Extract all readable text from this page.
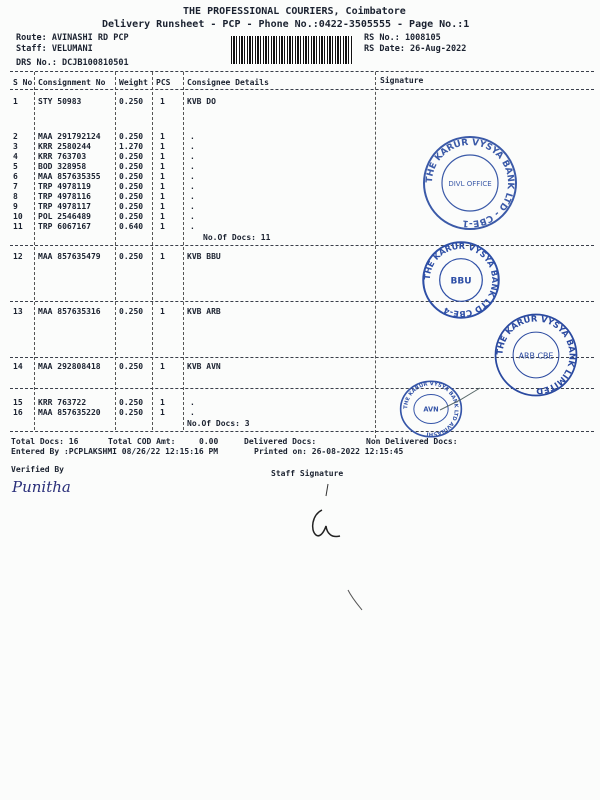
THE PROFESSIONAL COURIERS, Coimbatore
Delivery Runsheet - PCP - Phone No.:0422-3505555 - Page No.:1
Route: AVINASHI RD PCP
Staff: VELUMANI
DRS No.: DCJB100810501
RS No.: 1008105
RS Date: 26-Aug-2022
S No Consignment No Weight PCS Consignee Details	Signature
1	STY 50983	0.250 1	KVB DO
2	MAA 291792124 0.250 1	.
3	KRR 2580244	1.270 1	.
4	KRR 763703	0.250 1	.
5	BOD 328958	0.250 1	.
6	MAA 857635355 0.250 1	.
7	TRP 4978119	0.250 1	.
8	TRP 4978116	0.250 1	.
9	TRP 4978117	0.250 1	.
10 POL 2546489	0.250 1	.
11 TRP 6067167	0.640 1	.
No.Of Docs: 11
12 MAA 857635479 0.250 1	KVB BBU
13 MAA 857635316 0.250 1	KVB ARB
14 MAA 292808418 0.250 1	KVB AVN
15 KRR 763722	0.250 1	.
16 MAA 857635220 0.250 1	.
No.Of Docs: 3
Total Docs: 16	Total COD Amt:	0.00	Delivered Docs:	Non Delivered Docs:
Entered By :PCPLAKSHMI 08/26/22 12:15:16 PM	Printed on: 26-08-2022 12:15:45
Verified By
Punitha
Staff Signature
THE KARUR VYSYA BANK LTD - CBE-1
DIVL OFFICE
THE KARUR VYSYA BANK LTD CBE-4
BBU
THE KARUR VYSYA BANK LIMITED
ARB CBE
THE KARUR VYSYA BANK LTD AVINASHI
AVN
